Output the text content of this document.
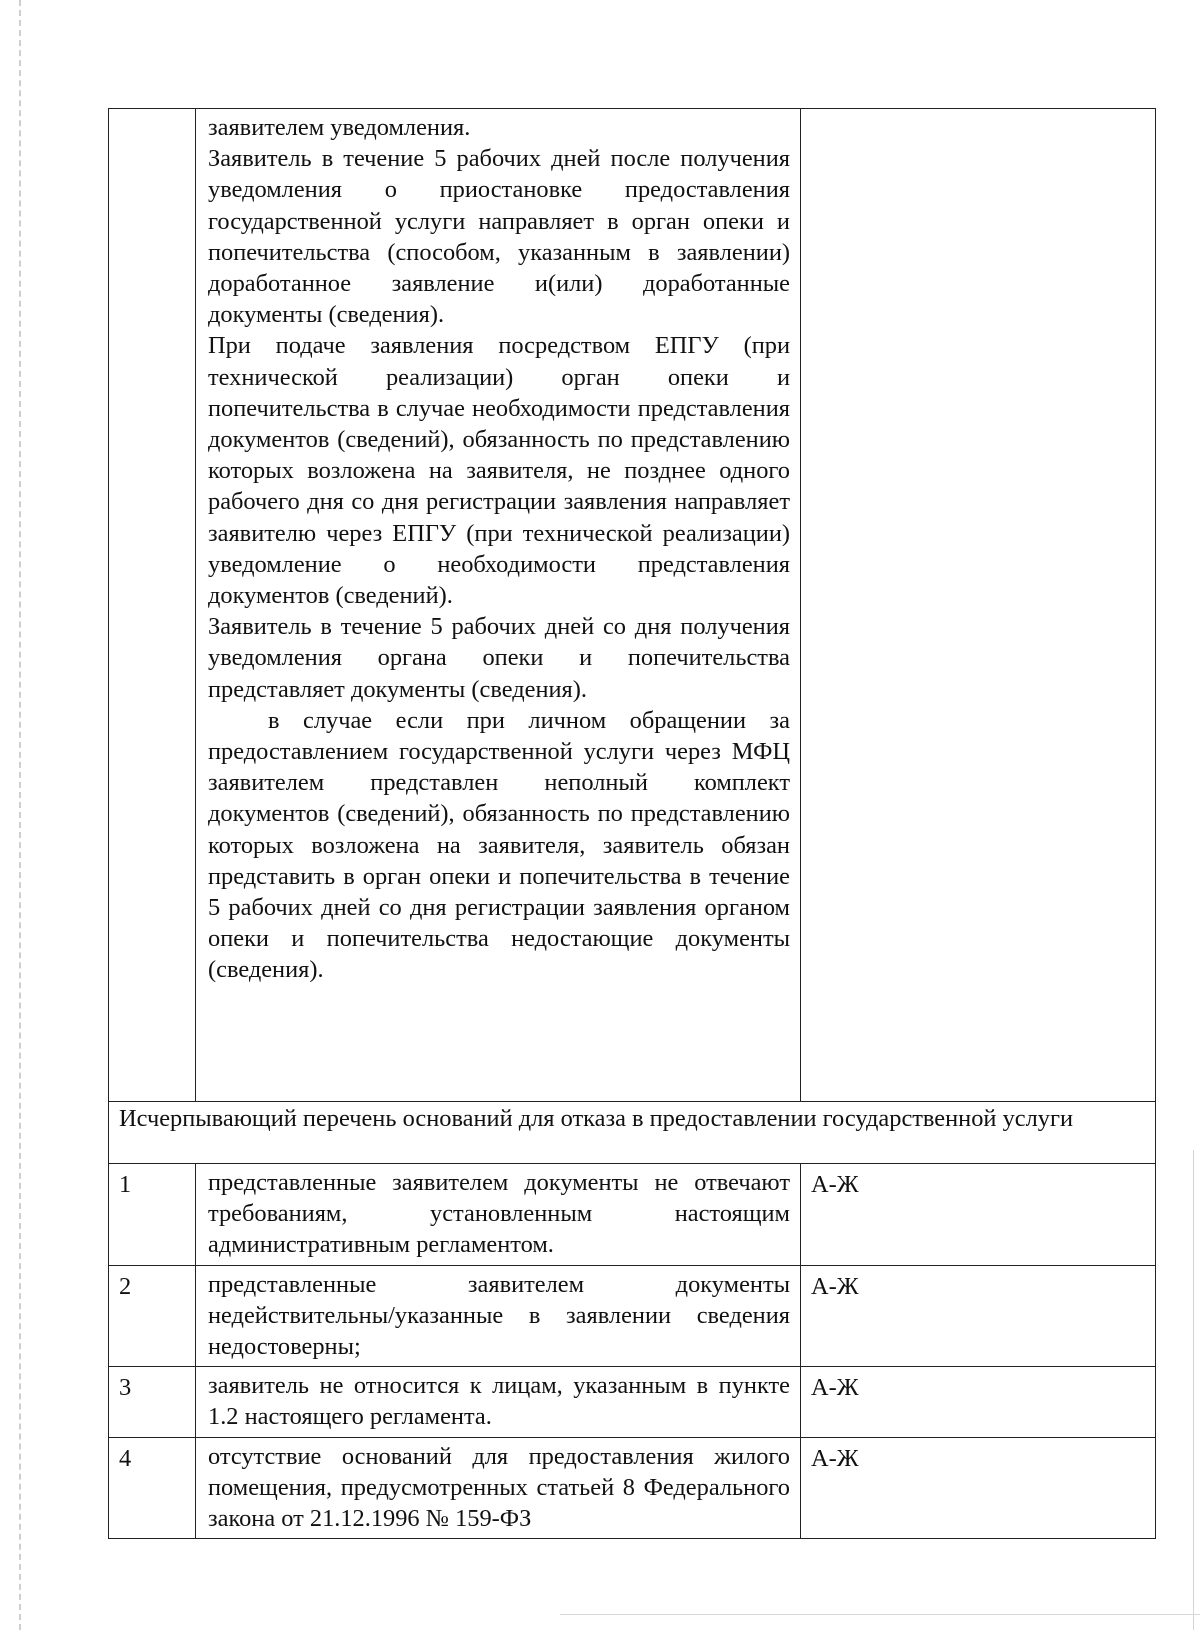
	заявителем уведомления.
Заявитель в течение 5 рабочих дней после получения уведомления о приостановке предоставления государственной услуги направляет в орган опеки и попечительства (способом, указанным в заявлении) доработанное заявление и(или) доработанные документы (сведения).
При подаче заявления посредством ЕПГУ (при технической реализации) орган опеки и попечительства в случае необходимости представления документов (сведений), обязанность по представлению которых возложена на заявителя, не позднее одного рабочего дня со дня регистрации заявления направляет заявителю через ЕПГУ (при технической реализации) уведомление о необходимости представления документов (сведений).
Заявитель в течение 5 рабочих дней со дня получения уведомления органа опеки и попечительства представляет документы (сведения).
в случае если при личном обращении за предоставлением государственной услуги через МФЦ заявителем представлен неполный комплект документов (сведений), обязанность по представлению которых возложена на заявителя, заявитель обязан представить в орган опеки и попечительства в течение 5 рабочих дней со дня регистрации заявления органом опеки и попечительства недостающие документы (сведения).	

Исчерпывающий перечень оснований для отказа в предоставлении государственной услуги		
1	представленные заявителем документы не отвечают требованиям, установленным настоящим административным регламентом.	А-Ж
2	представленные заявителем документы недействительны/указанные в заявлении сведения недостоверны;	А-Ж
3	заявитель не относится к лицам, указанным в пункте 1.2 настоящего регламента.	А-Ж
4	отсутствие оснований для предоставления жилого помещения, предусмотренных статьей 8 Федерального закона от 21.12.1996 № 159-ФЗ	А-Ж
